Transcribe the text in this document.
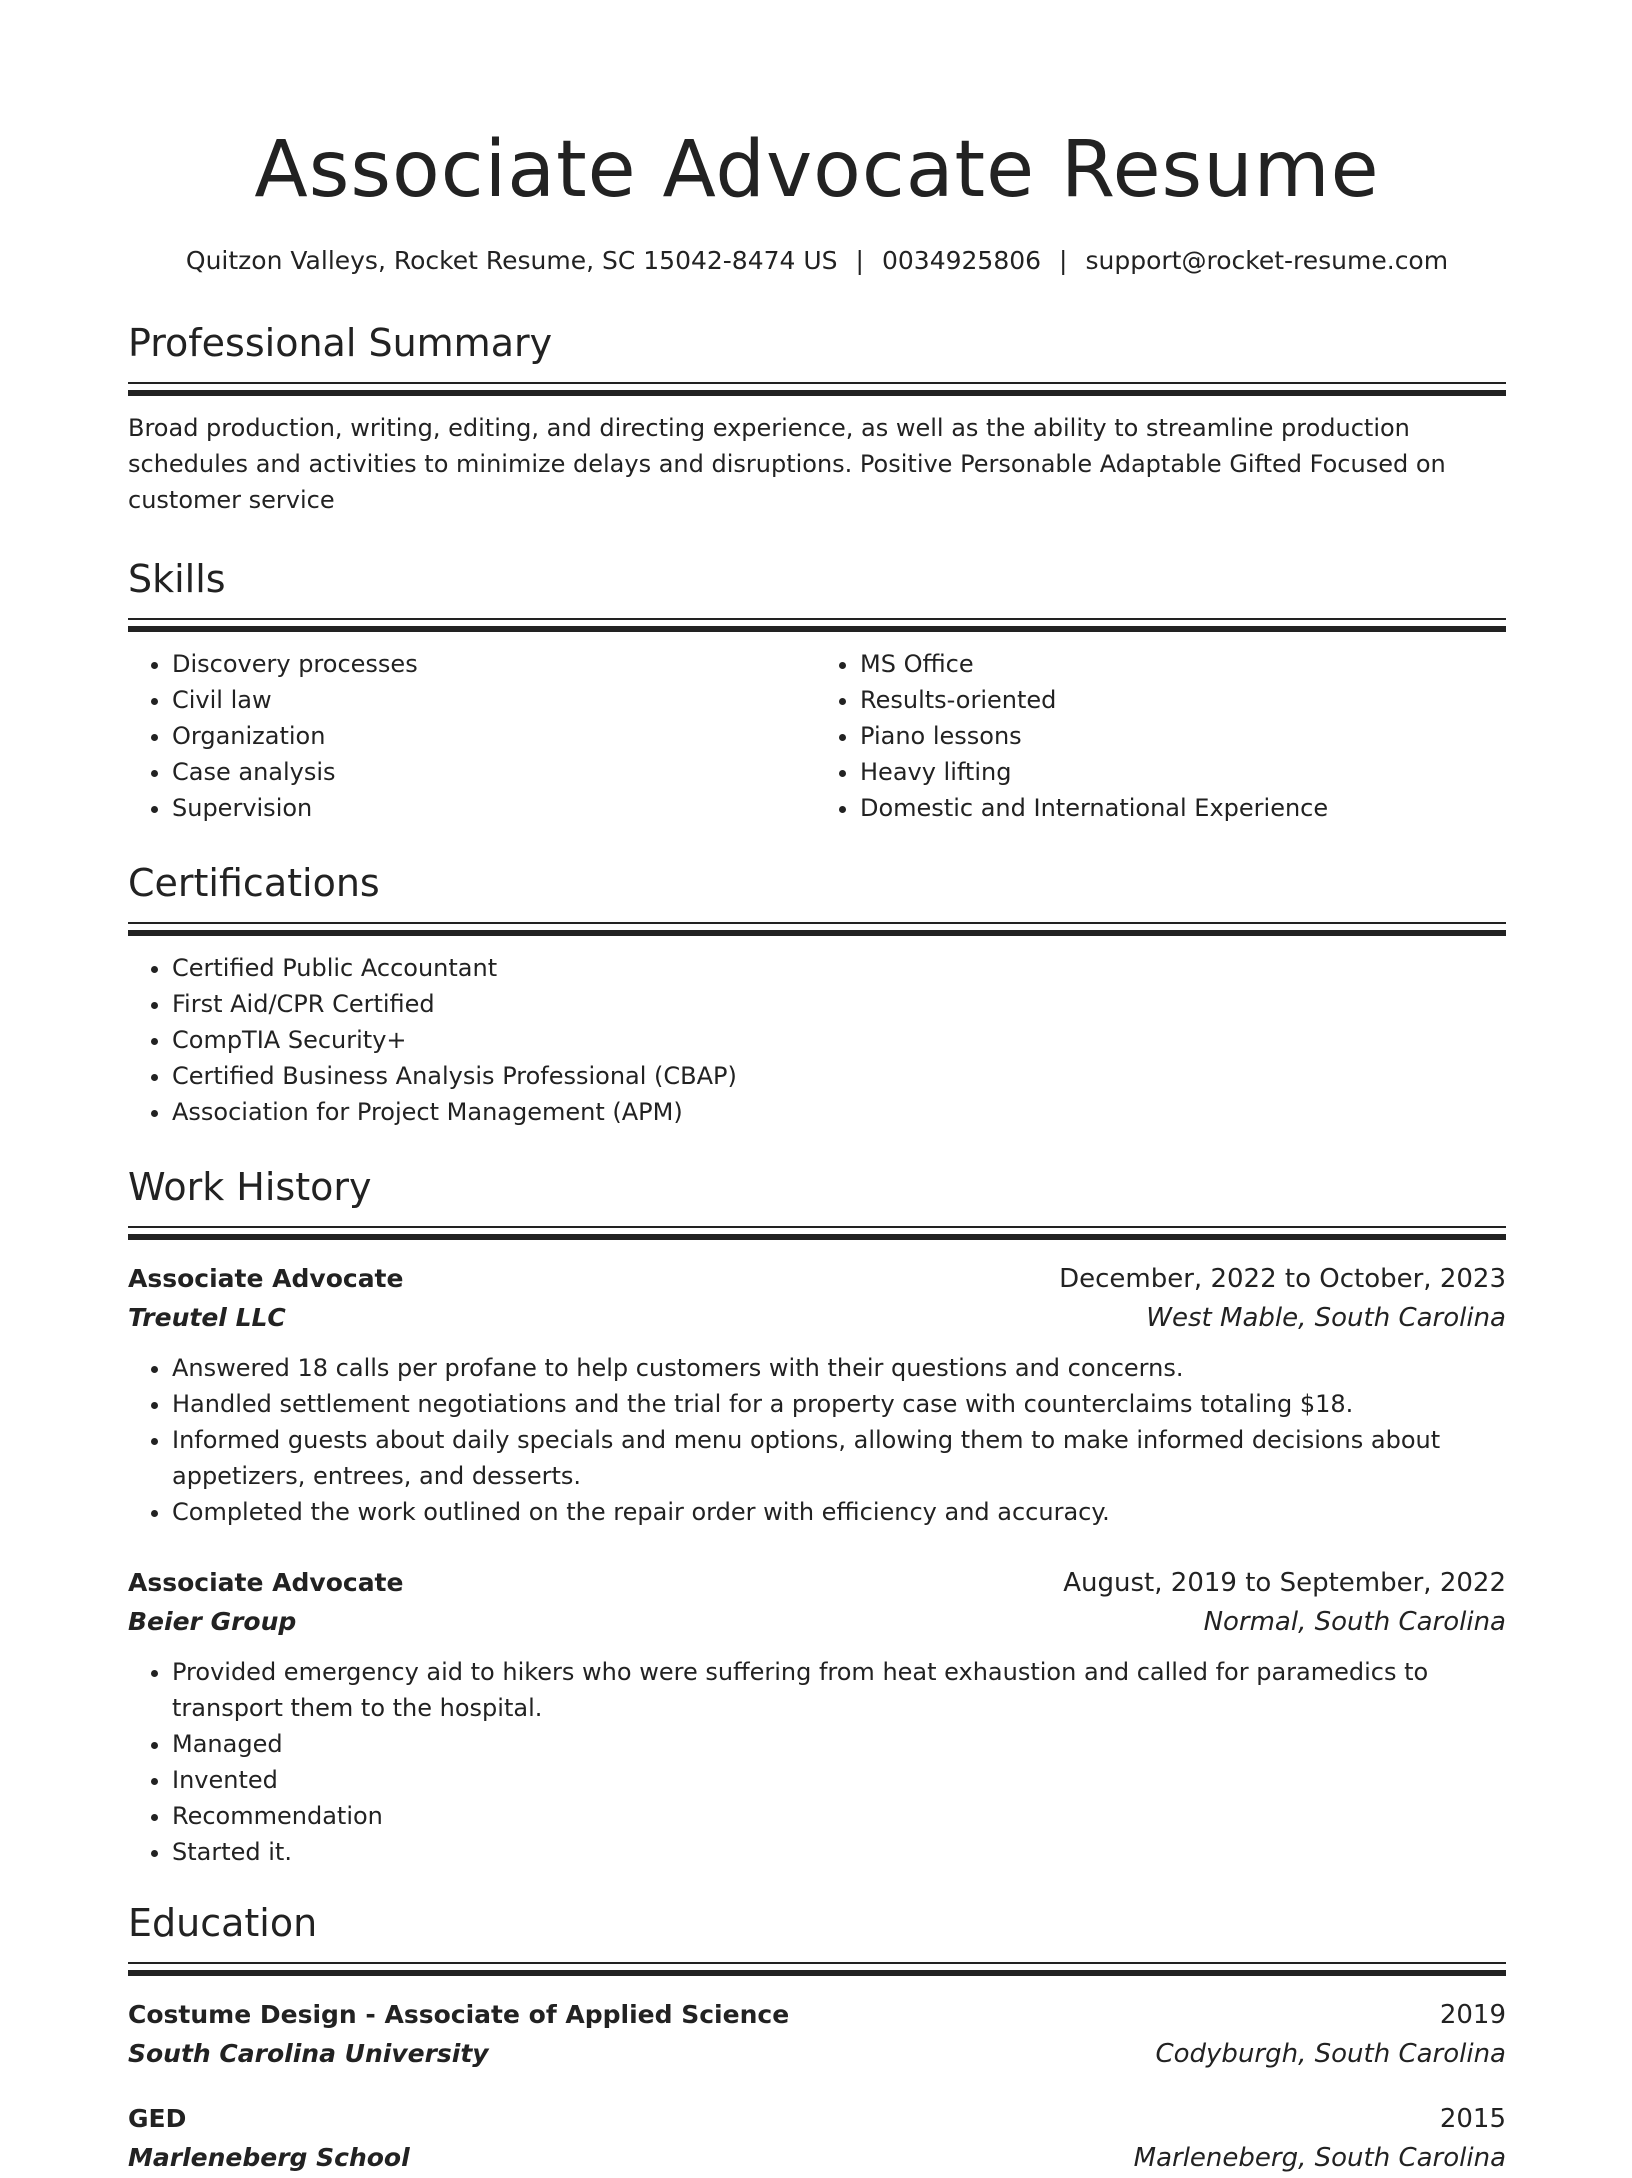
Associate Advocate Resume
Quitzon Valleys, Rocket Resume, SC 15042-8474 US | 0034925806 | support@rocket-resume.com
Professional Summary
Broad production, writing, editing, and directing experience, as well as the ability to streamline production schedules and activities to minimize delays and disruptions. Positive Personable Adaptable Gifted Focused on customer service
Skills
• Discovery processes
• Civil law
• Organization
• Case analysis
• Supervision
• MS Office
• Results-oriented
• Piano lessons
• Heavy lifting
• Domestic and International Experience
Certifications
• Certified Public Accountant
• First Aid/CPR Certified
• CompTIA Security+
• Certified Business Analysis Professional (CBAP)
• Association for Project Management (APM)
Work History
Associate Advocate	December, 2022 to October, 2023
Treutel LLC	West Mable, South Carolina
• Answered 18 calls per profane to help customers with their questions and concerns.
• Handled settlement negotiations and the trial for a property case with counterclaims totaling $18.
• Informed guests about daily specials and menu options, allowing them to make informed decisions about appetizers, entrees, and desserts.
• Completed the work outlined on the repair order with efficiency and accuracy.
Associate Advocate	August, 2019 to September, 2022
Beier Group	Normal, South Carolina
• Provided emergency aid to hikers who were suffering from heat exhaustion and called for paramedics to transport them to the hospital.
• Managed
• Invented
• Recommendation
• Started it.
Education
Costume Design - Associate of Applied Science	2019
South Carolina University	Codyburgh, South Carolina
GED	2015
Marleneberg School	Marleneberg, South Carolina
